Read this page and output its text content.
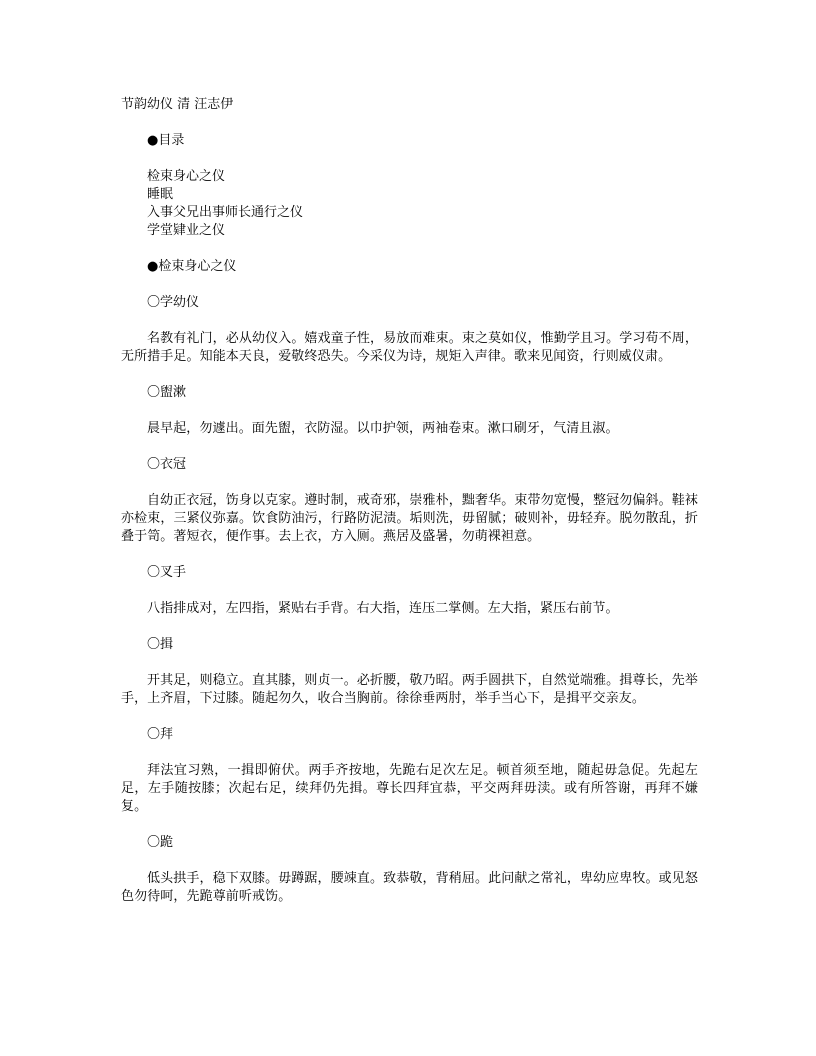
节韵幼仪 清 汪志伊

●目录

检束身心之仪

睡眠

入事父兄出事师长通行之仪

学堂肄业之仪

●检束身心之仪

〇学幼仪

名教有礼门，必从幼仪入。嬉戏童子性，易放而难束。束之莫如仪，惟勤学且习。学习苟不周，无所措手足。知能本天良，爱敬终恐失。今采仪为诗，规矩入声律。歌来见闻资，行则威仪肃。

〇盥漱

晨早起，勿遽出。面先盥，衣防湿。以巾护领，两袖卷束。漱口刷牙，气清且淑。

〇衣冠

自幼正衣冠，饬身以克家。遵时制，戒奇邪，崇雅朴，黜奢华。束带勿宽慢，整冠勿偏斜。鞋袜亦检束，三紧仪弥嘉。饮食防油污，行路防泥渍。垢则洗，毋留腻；破则补，毋轻弃。脱勿散乱，折叠于笥。著短衣，便作事。去上衣，方入厕。燕居及盛暑，勿萌裸袒意。

〇叉手

八指排成对，左四指，紧贴右手背。右大指，连压二掌侧。左大指，紧压右前节。

〇揖

开其足，则稳立。直其膝，则贞一。必折腰，敬乃昭。两手圆拱下，自然觉端雅。揖尊长，先举手，上齐眉，下过膝。随起勿久，收合当胸前。徐徐垂两肘，举手当心下，是揖平交亲友。

〇拜

拜法宜习熟，一揖即俯伏。两手齐按地，先跪右足次左足。顿首须至地，随起毋急促。先起左足，左手随按膝；次起右足，续拜仍先揖。尊长四拜宜恭，平交两拜毋渎。或有所答谢，再拜不嫌复。

〇跪

低头拱手，稳下双膝。毋蹲踞，腰竦直。致恭敬，背稍屈。此问献之常礼，卑幼应卑牧。或见怒色勿待呵，先跪尊前听戒饬。
